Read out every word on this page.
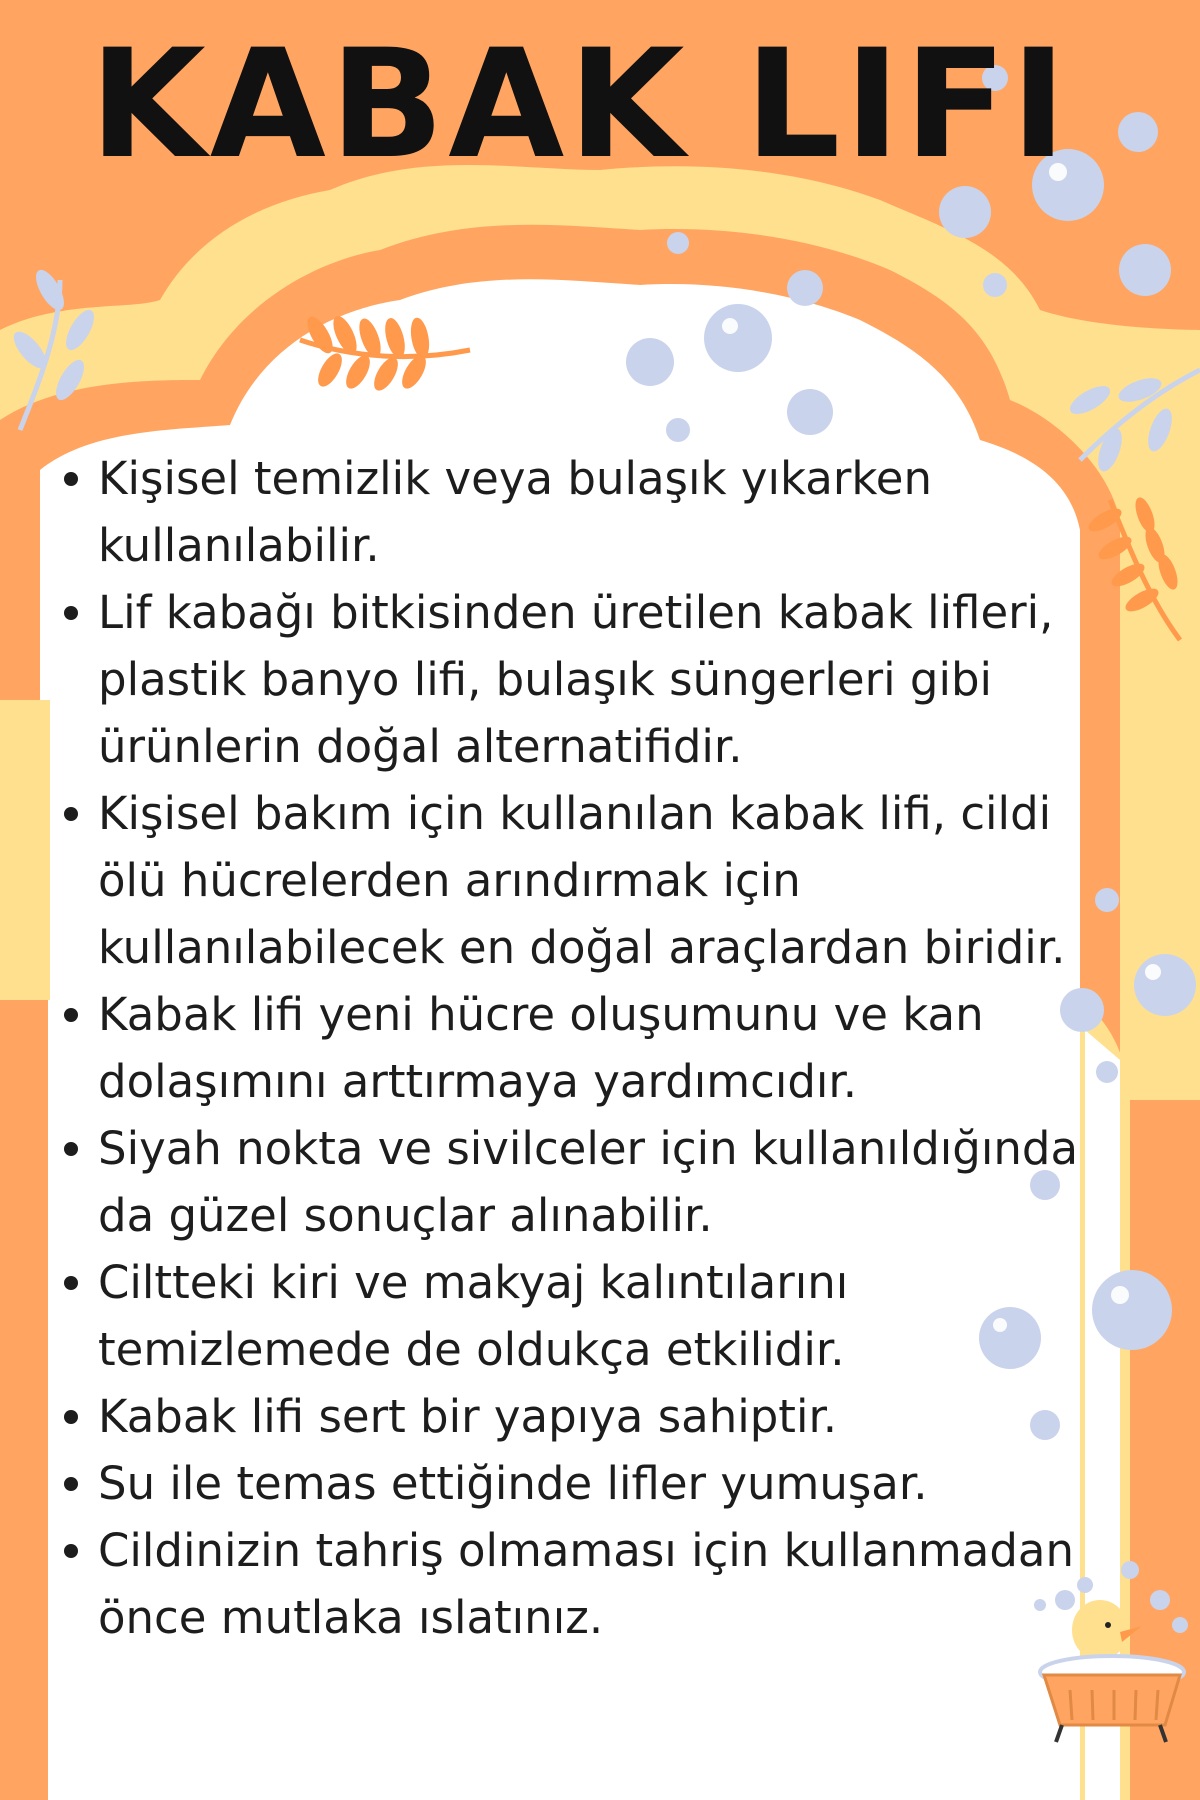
KABAK LIFI
Kişisel temizlik veya bulaşık yıkarken kullanılabilir.
Lif kabağı bitkisinden üretilen kabak lifleri, plastik banyo lifi, bulaşık süngerleri gibi ürünlerin doğal alternatifidir.
Kişisel bakım için kullanılan kabak lifi, cildi ölü hücrelerden arındırmak için kullanılabilecek en doğal araçlardan biridir.
Kabak lifi yeni hücre oluşumunu ve kan dolaşımını arttırmaya yardımcıdır.
Siyah nokta ve sivilceler için kullanıldığında da güzel sonuçlar alınabilir.
Ciltteki kiri ve makyaj kalıntılarını temizlemede de oldukça etkilidir.
Kabak lifi sert bir yapıya sahiptir.
Su ile temas ettiğinde lifler yumuşar.
Cildinizin tahriş olmaması için kullanmadan önce mutlaka ıslatınız.
